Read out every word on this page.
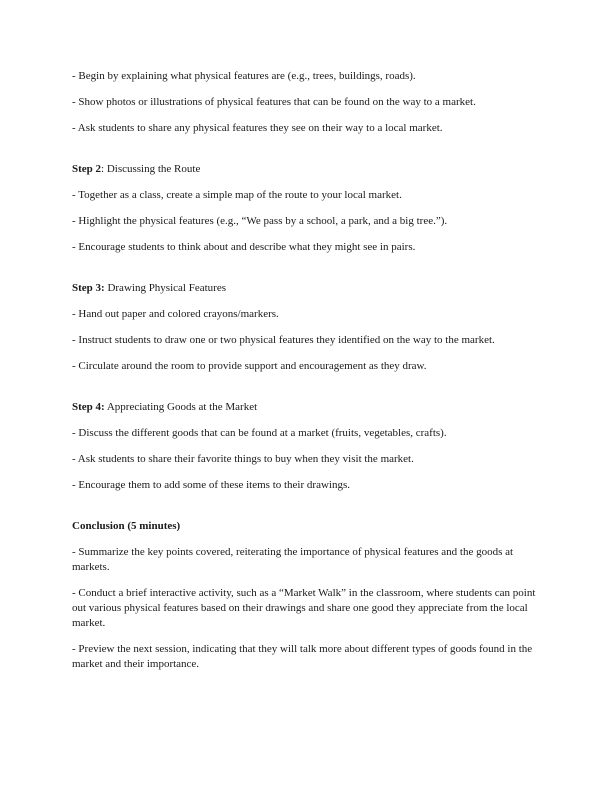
- Begin by explaining what physical features are (e.g., trees, buildings, roads).

- Show photos or illustrations of physical features that can be found on the way to a market.

- Ask students to share any physical features they see on their way to a local market.

Step 2: Discussing the Route

- Together as a class, create a simple map of the route to your local market.

- Highlight the physical features (e.g., “We pass by a school, a park, and a big tree.”).

- Encourage students to think about and describe what they might see in pairs.

Step 3: Drawing Physical Features

- Hand out paper and colored crayons/markers.

- Instruct students to draw one or two physical features they identified on the way to the market.

- Circulate around the room to provide support and encouragement as they draw.

Step 4: Appreciating Goods at the Market

- Discuss the different goods that can be found at a market (fruits, vegetables, crafts).

- Ask students to share their favorite things to buy when they visit the market.

- Encourage them to add some of these items to their drawings.

Conclusion (5 minutes)

- Summarize the key points covered, reiterating the importance of physical features and the goods at markets.

- Conduct a brief interactive activity, such as a “Market Walk” in the classroom, where students can point out various physical features based on their drawings and share one good they appreciate from the local market.

- Preview the next session, indicating that they will talk more about different types of goods found in the market and their importance.
